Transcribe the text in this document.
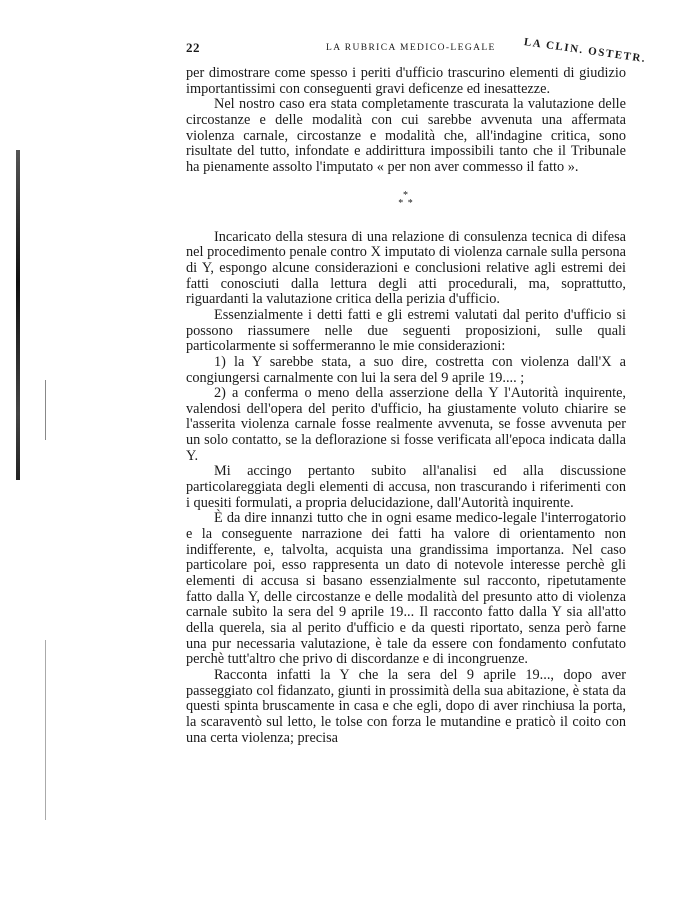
22	LA RUBRICA MEDICO-LEGALE LA CLIN. OSTETR.

per dimostrare come spesso i periti d'ufficio trascurino elementi di giudizio importantissimi con conseguenti gravi deficenze ed inesattezze.

Nel nostro caso era stata completamente trascurata la valutazione delle circostanze e delle modalità con cui sarebbe avvenuta una affermata violenza carnale, circostanze e modalità che, all'indagine critica, sono risultate del tutto, infondate e addirittura impossibili tanto che il Tribunale ha pienamente assolto l'imputato « per non aver commesso il fatto ».

*
* *

Incaricato della stesura di una relazione di consulenza tecnica di difesa nel procedimento penale contro X imputato di violenza carnale sulla persona di Y, espongo alcune considerazioni e conclusioni relative agli estremi dei fatti conosciuti dalla lettura degli atti procedurali, ma, soprattutto, riguardanti la valutazione critica della perizia d'ufficio.

Essenzialmente i detti fatti e gli estremi valutati dal perito d'ufficio si possono riassumere nelle due seguenti proposizioni, sulle quali particolarmente si soffermeranno le mie considerazioni:

1) la Y sarebbe stata, a suo dire, costretta con violenza dall'X a congiungersi carnalmente con lui la sera del 9 aprile 19.... ;

2) a conferma o meno della asserzione della Y l'Autorità inquirente, valendosi dell'opera del perito d'ufficio, ha giustamente voluto chiarire se l'asserita violenza carnale fosse realmente avvenuta, se fosse avvenuta per un solo contatto, se la deflorazione si fosse verificata all'epoca indicata dalla Y.

Mi accingo pertanto subito all'analisi ed alla discussione particolareggiata degli elementi di accusa, non trascurando i riferimenti con i quesiti formulati, a propria delucidazione, dall'Autorità inquirente.

È da dire innanzi tutto che in ogni esame medico-legale l'interrogatorio e la conseguente narrazione dei fatti ha valore di orientamento non indifferente, e, talvolta, acquista una grandissima importanza. Nel caso particolare poi, esso rappresenta un dato di notevole interesse perchè gli elementi di accusa si basano essenzialmente sul racconto, ripetutamente fatto dalla Y, delle circostanze e delle modalità del presunto atto di violenza carnale subìto la sera del 9 aprile 19... Il racconto fatto dalla Y sia all'atto della querela, sia al perito d'ufficio e da questi riportato, senza però farne una pur necessaria valutazione, è tale da essere con fondamento confutato perchè tutt'altro che privo di discordanze e di incongruenze.

Racconta infatti la Y che la sera del 9 aprile 19..., dopo aver passeggiato col fidanzato, giunti in prossimità della sua abitazione, è stata da questi spinta bruscamente in casa e che egli, dopo di aver rinchiusa la porta, la scaraventò sul letto, le tolse con forza le mutandine e praticò il coito con una certa violenza; precisa
